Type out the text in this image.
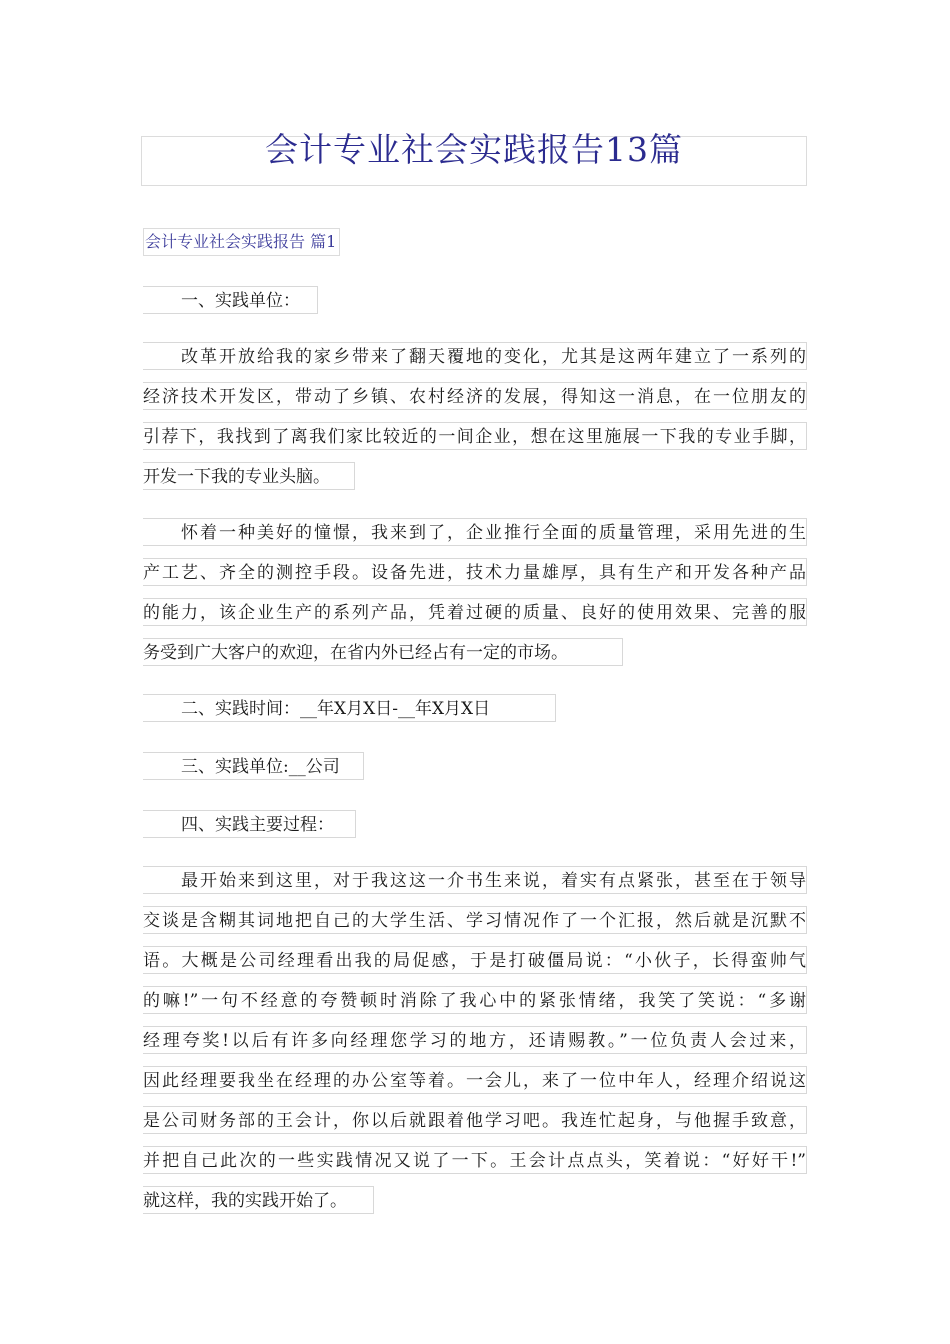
会计专业社会实践报告13篇
会计专业社会实践报告 篇1
一、实践单位：
改革开放给我的家乡带来了翻天覆地的变化，尤其是这两年建立了一系列的
经济技术开发区，带动了乡镇、农村经济的发展，得知这一消息，在一位朋友的
引荐下，我找到了离我们家比较近的一间企业，想在这里施展一下我的专业手脚，
开发一下我的专业头脑。
怀着一种美好的憧憬，我来到了，企业推行全面的质量管理，采用先进的生
产工艺、齐全的测控手段。设备先进，技术力量雄厚，具有生产和开发各种产品
的能力，该企业生产的系列产品，凭着过硬的质量、良好的使用效果、完善的服
务受到广大客户的欢迎，在省内外已经占有一定的市场。
二、实践时间：__年X月X日-__年X月X日
三、实践单位:__公司
四、实践主要过程：
最开始来到这里，对于我这这一介书生来说，着实有点紧张，甚至在于领导
交谈是含糊其词地把自己的大学生活、学习情况作了一个汇报，然后就是沉默不
语。大概是公司经理看出我的局促感，于是打破僵局说：“小伙子，长得蛮帅气
的嘛!”一句不经意的夸赞顿时消除了我心中的紧张情绪，我笑了笑说：“多谢
经理夸奖!以后有许多向经理您学习的地方，还请赐教。”一位负责人会过来，
因此经理要我坐在经理的办公室等着。一会儿，来了一位中年人，经理介绍说这
是公司财务部的王会计，你以后就跟着他学习吧。我连忙起身，与他握手致意，
并把自己此次的一些实践情况又说了一下。王会计点点头，笑着说：“好好干!”
就这样，我的实践开始了。
